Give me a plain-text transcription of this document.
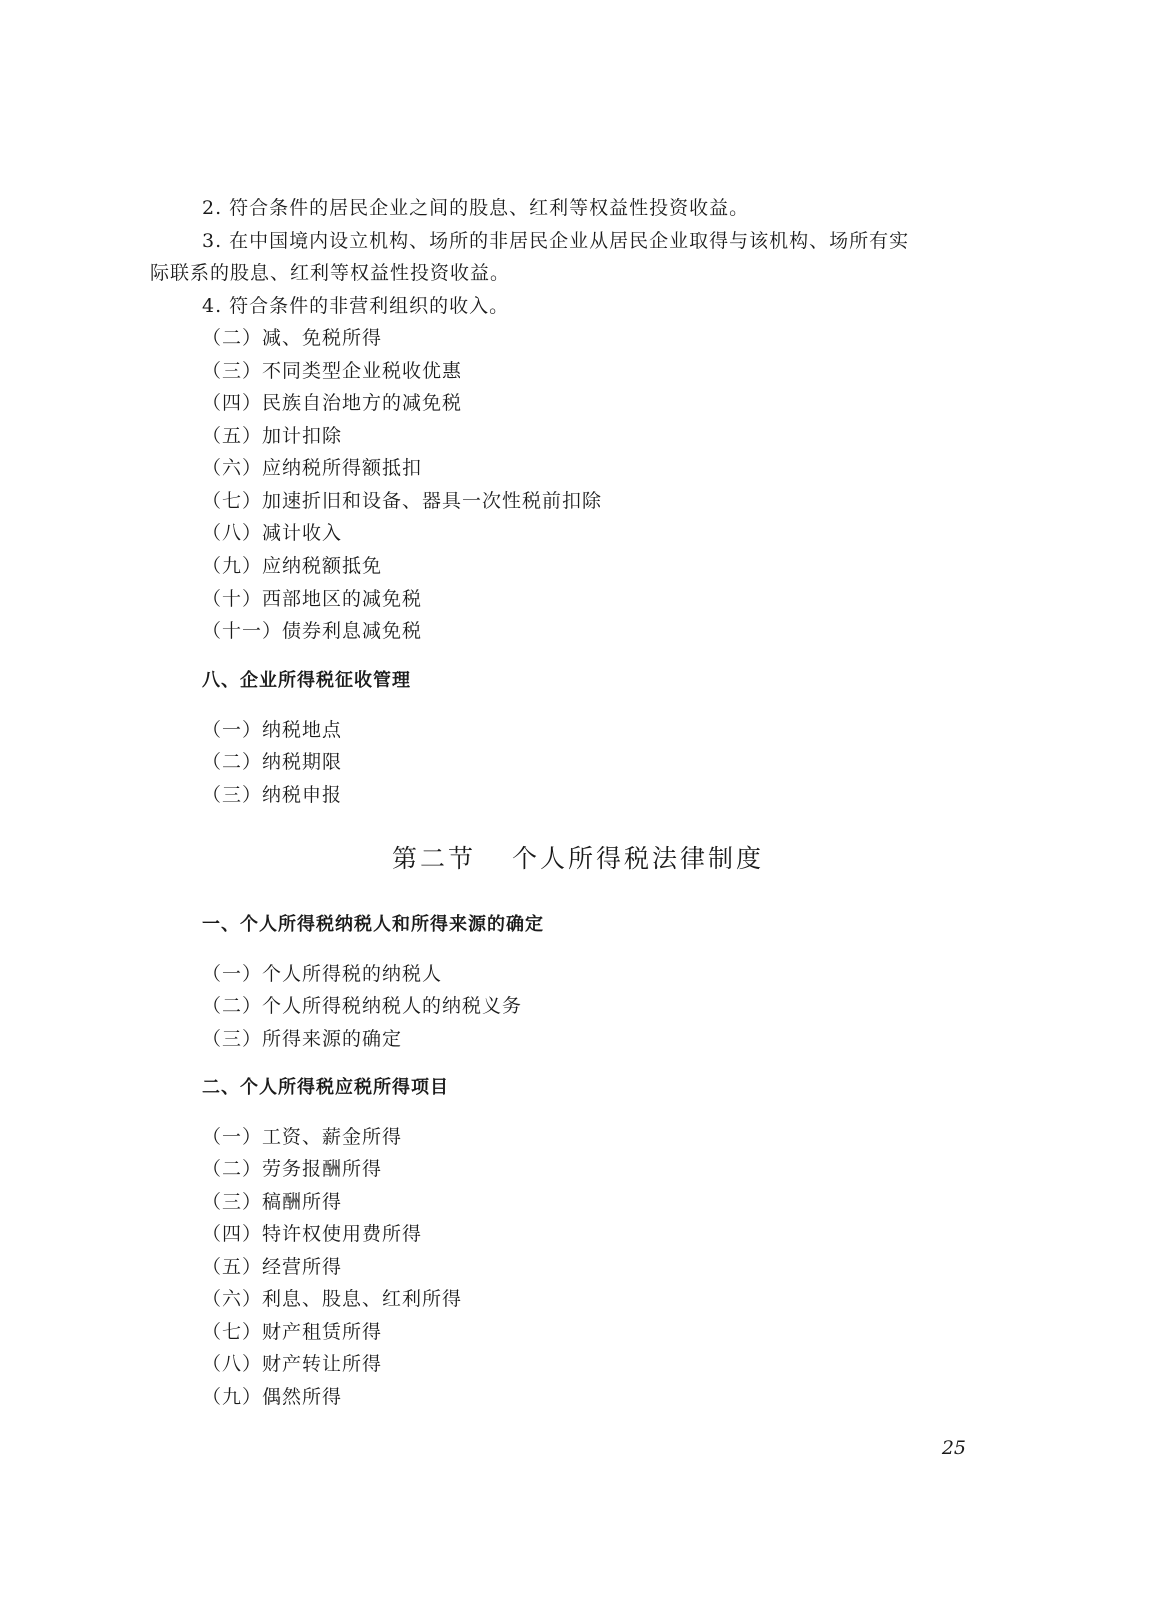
2. 符合条件的居民企业之间的股息、红利等权益性投资收益。
3. 在中国境内设立机构、场所的非居民企业从居民企业取得与该机构、场所有实
际联系的股息、红利等权益性投资收益。
4. 符合条件的非营利组织的收入。
（二）减、免税所得
（三）不同类型企业税收优惠
（四）民族自治地方的减免税
（五）加计扣除
（六）应纳税所得额抵扣
（七）加速折旧和设备、器具一次性税前扣除
（八）减计收入
（九）应纳税额抵免
（十）西部地区的减免税
（十一）债券利息减免税
八、企业所得税征收管理
（一）纳税地点
（二）纳税期限
（三）纳税申报
第二节 个人所得税法律制度
一、个人所得税纳税人和所得来源的确定
（一）个人所得税的纳税人
（二）个人所得税纳税人的纳税义务
（三）所得来源的确定
二、个人所得税应税所得项目
（一）工资、薪金所得
（二）劳务报酬所得
（三）稿酬所得
（四）特许权使用费所得
（五）经营所得
（六）利息、股息、红利所得
（七）财产租赁所得
（八）财产转让所得
（九）偶然所得
25
